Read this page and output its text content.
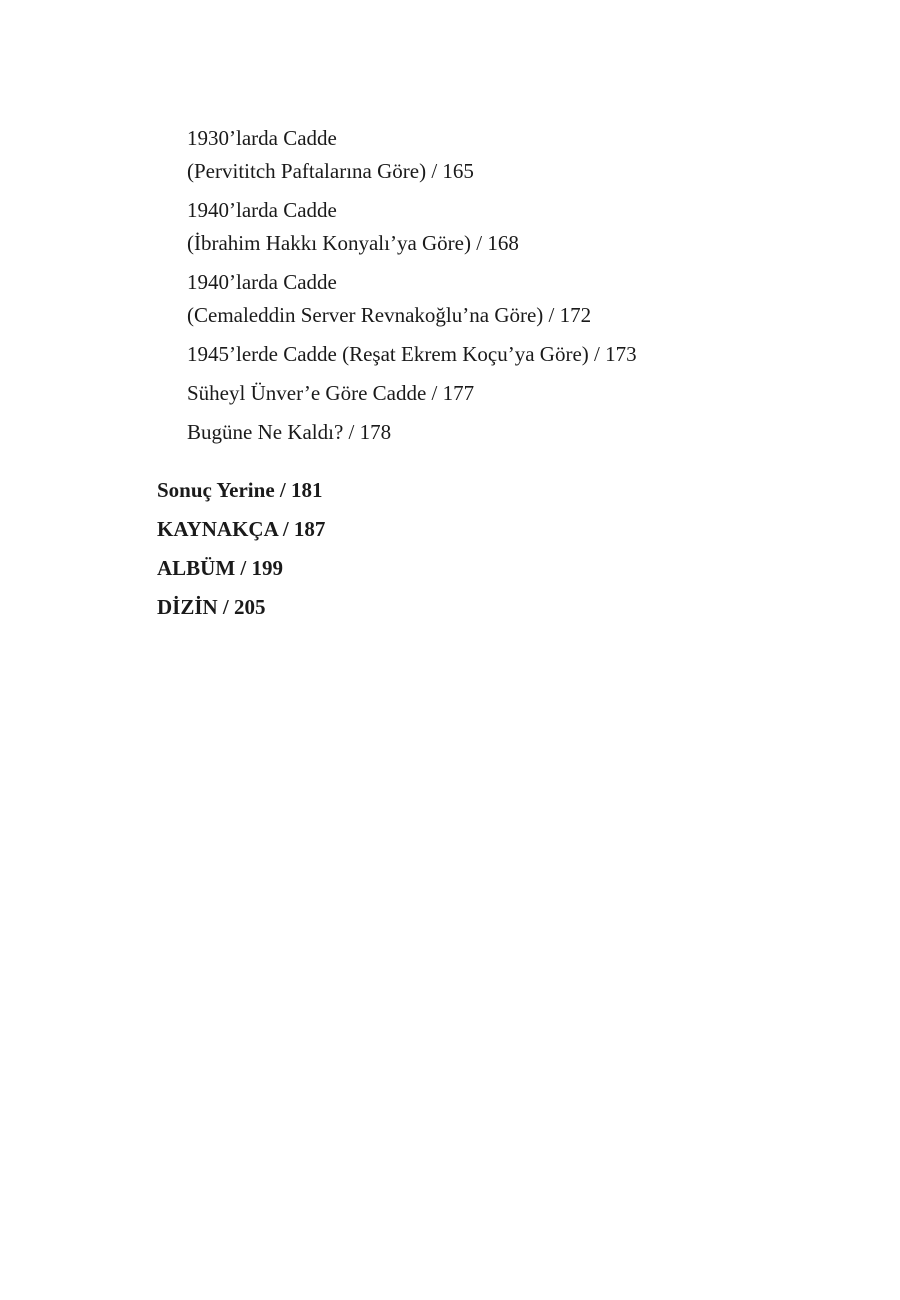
1930’larda Cadde
(Pervititch Paftalarına Göre) / 165
1940’larda Cadde
(İbrahim Hakkı Konyalı’ya Göre) / 168
1940’larda Cadde
(Cemaleddin Server Revnakoğlu’na Göre) / 172
1945’lerde Cadde (Reşat Ekrem Koçu’ya Göre) / 173
Süheyl Ünver’e Göre Cadde / 177
Bugüne Ne Kaldı? / 178
Sonuç Yerine / 181
KAYNAKÇA / 187
ALBÜM / 199
DİZİN / 205
